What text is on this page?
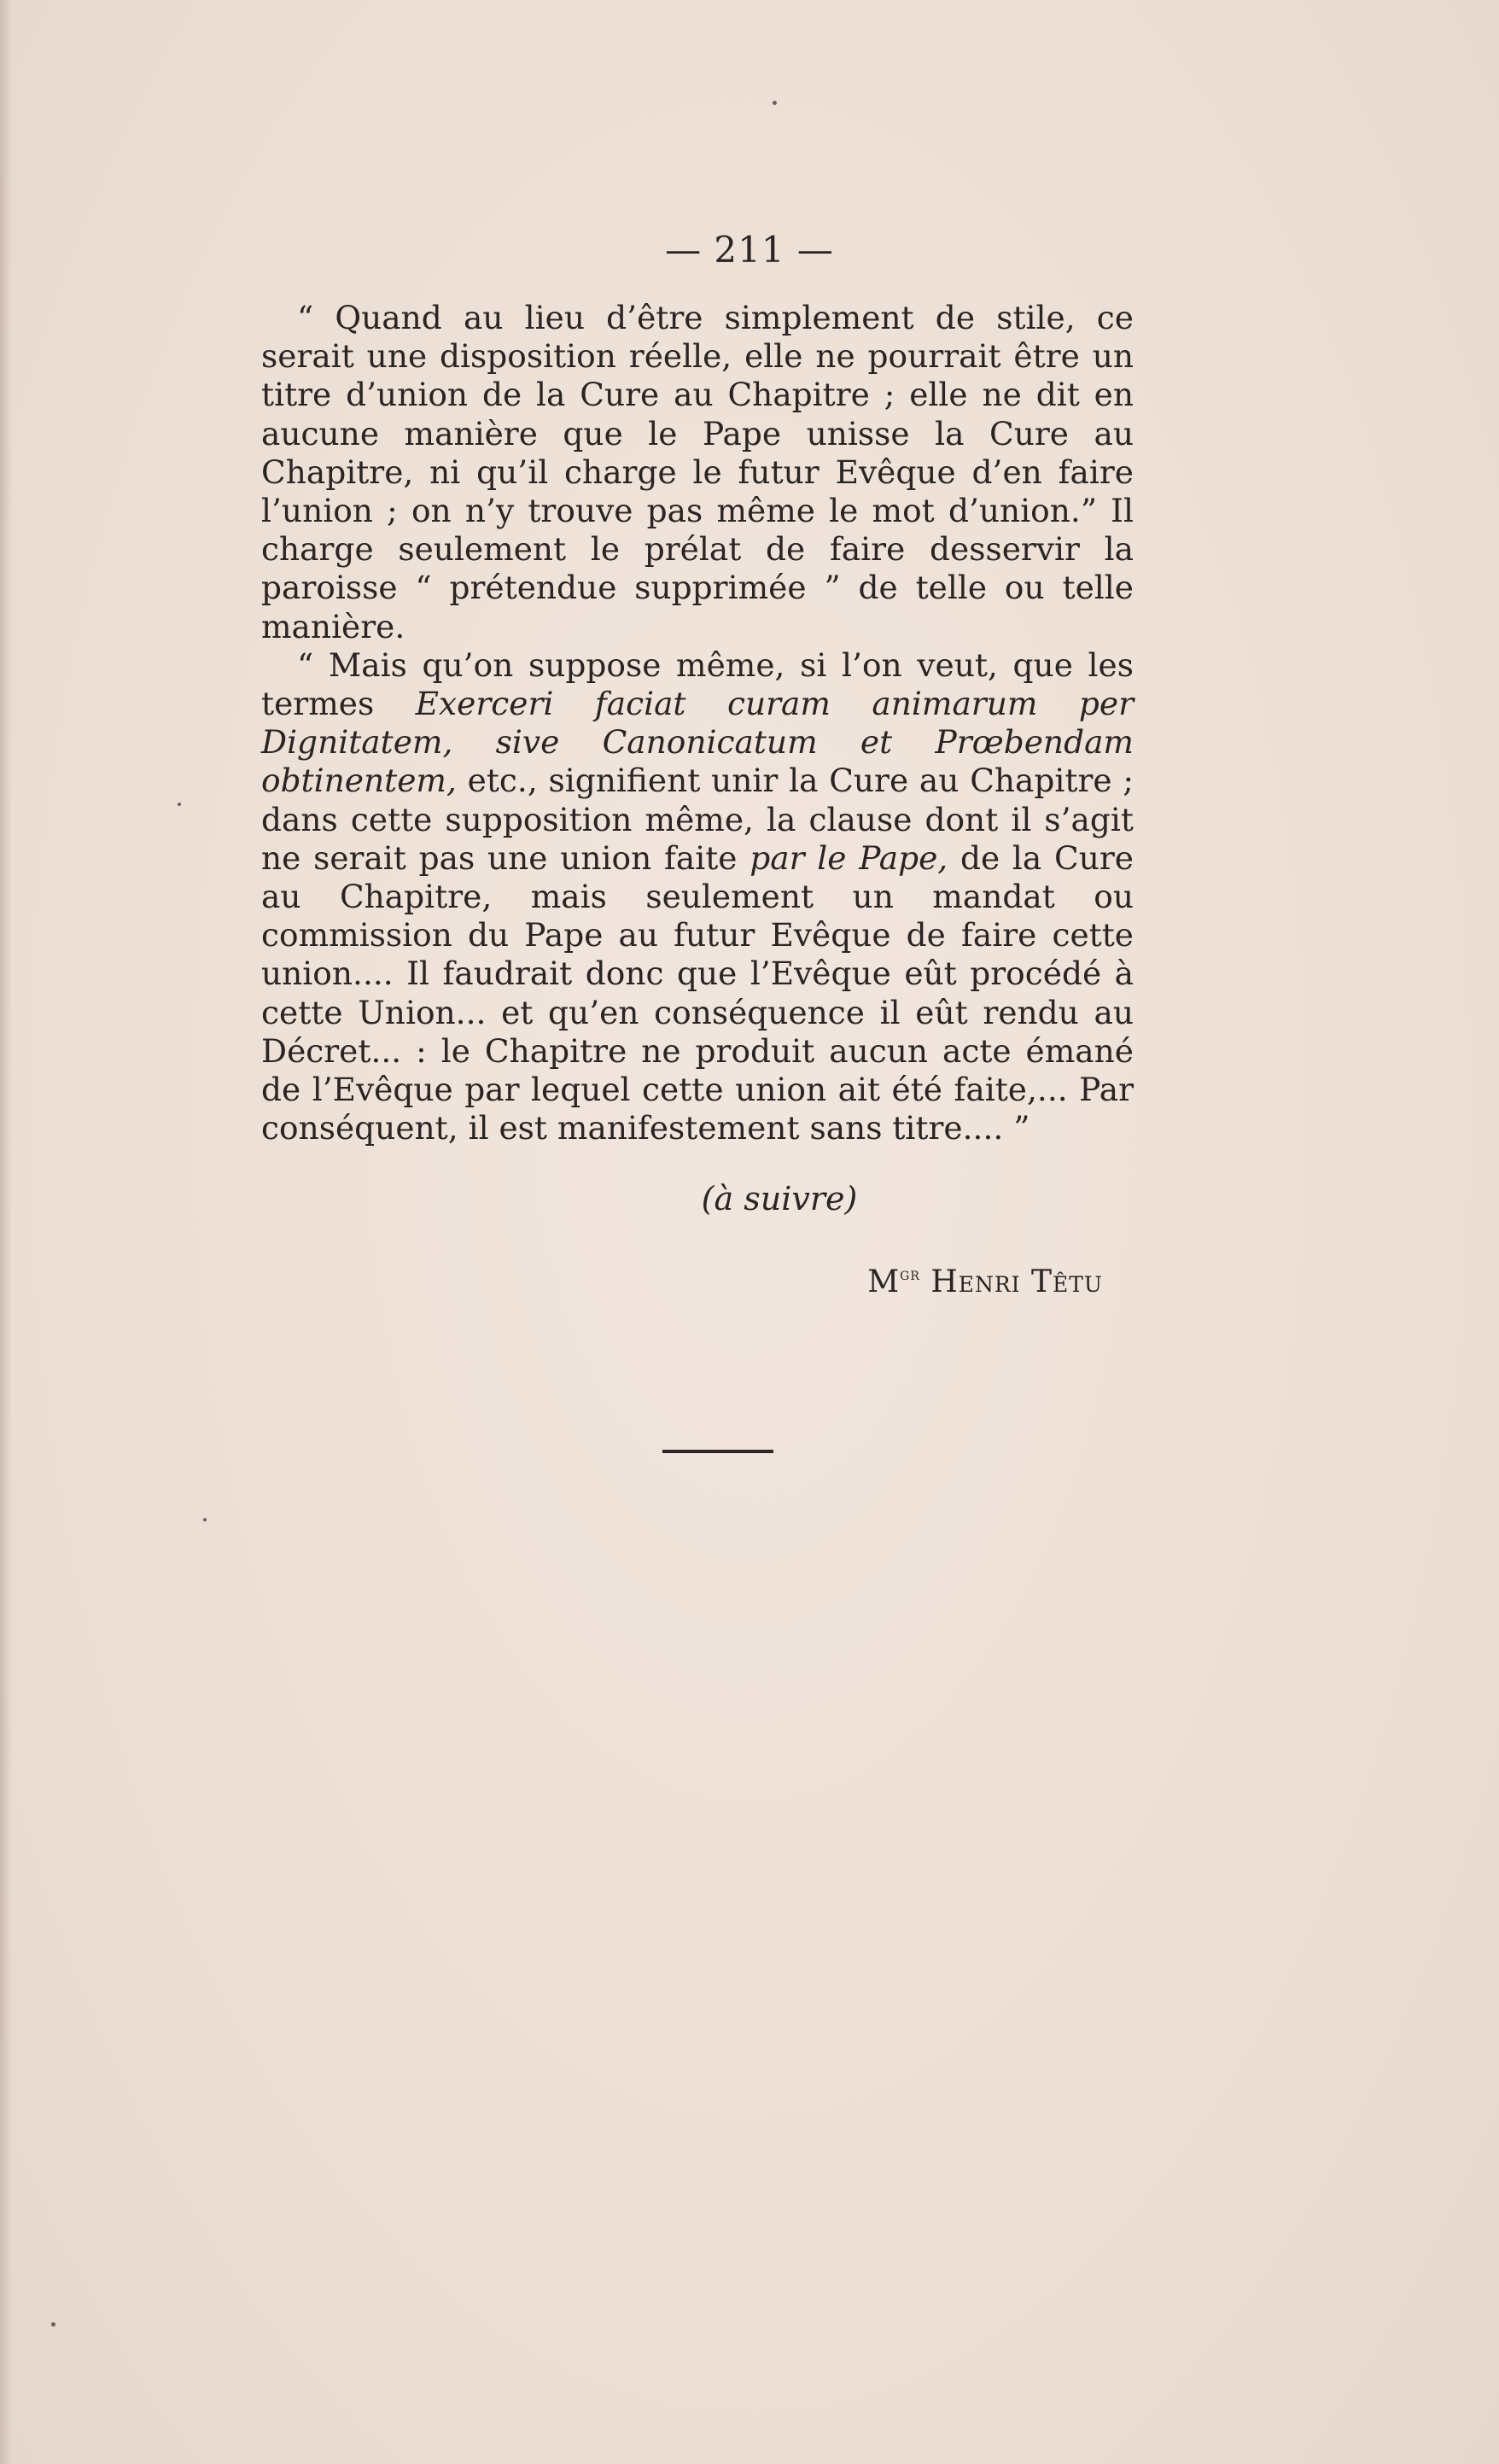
— 211 —

“ Quand au lieu d’être simplement de stile, ce serait une disposition réelle, elle ne pourrait être un titre d’union de la Cure au Chapitre ; elle ne dit en aucune manière que le Pape unisse la Cure au Chapitre, ni qu’il charge le futur Evêque d’en faire l’union ; on n’y trouve pas même le mot d’union.” Il charge seulement le prélat de faire desservir la paroisse “ prétendue supprimée ” de telle ou telle manière.

“ Mais qu’on suppose même, si l’on veut, que les termes Exerceri faciat curam animarum per Dignitatem, sive Canonicatum et Prœbendam obtinentem, etc., signifient unir la Cure au Chapitre ; dans cette supposition même, la clause dont il s’agit ne serait pas une union faite par le Pape, de la Cure au Chapitre, mais seulement un mandat ou commission du Pape au futur Evêque de faire cette union.... Il faudrait donc que l’Evêque eût procédé à cette Union... et qu’en conséquence il eût rendu au Décret... : le Chapitre ne produit aucun acte émané de l’Evêque par lequel cette union ait été faite,... Par conséquent, il est manifestement sans titre.... ”

(à suivre)
$M^{gr}$ Henri Têtu
